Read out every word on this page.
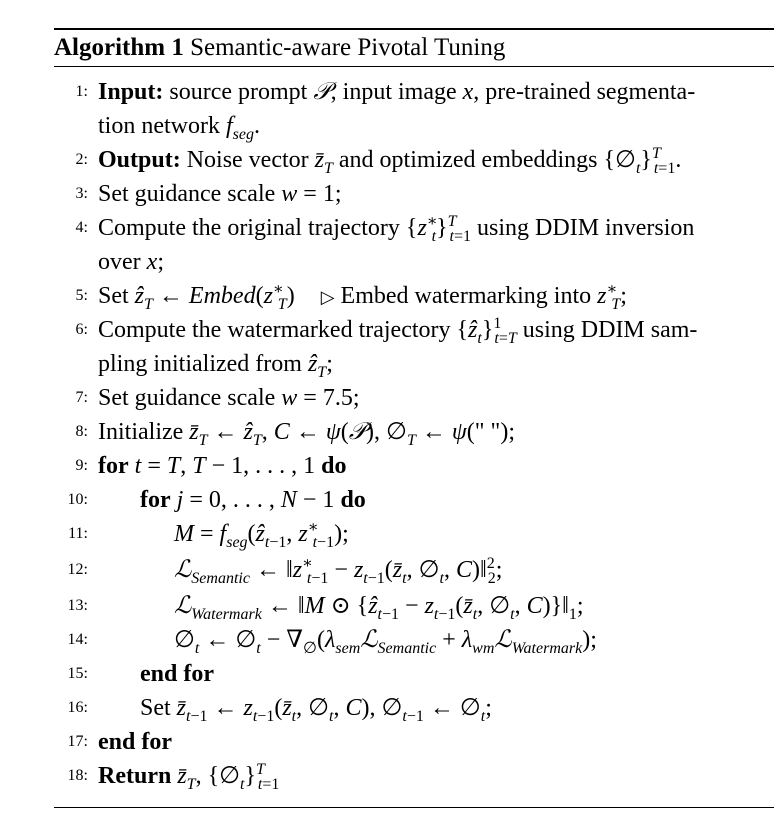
Algorithm 1 Semantic-aware Pivotal Tuning
1: Input: source prompt 𝒫, input image x, pre-trained segmenta-
tion network $f_{seg}$.
2: Output: Noise vector $z̄_T$ and optimized embeddings $\{\emptyset_t\}^T_{t=1}$.
3: Set guidance scale w = 1;
4: Compute the original trajectory $\{z^∗_t\}^T_{t=1}$ using DDIM inversion
over x;
5: Set ẑ$_T$ ← $Embed(z^∗_T)$ ▷ Embed watermarking into $z^∗_T$;
6: Compute the watermarked trajectory {ẑ$_t$}$^1_{t=T}$ using DDIM sam-
pling initialized from ẑ$_T$;
7: Set guidance scale w = 7.5;
8: Initialize $z̄_T$ ← ẑ$_T$, C ← ψ(𝒫), $\emptyset_T$ ← ψ(" ");
9: for t = T, T − 1, . . . , 1 do
10: for j = 0, . . . , N − 1 do
11:	$M = f_{seg}(ẑ_{t-1}$, $z^∗_{t-1}$);
12:	ℒ$_{Semantic}$ ← $‖z^∗_{t-1}$ − $z_{t-1}(z̄_t$, $\emptyset_t$, C)‖$^2_2$;
13:	ℒ$_{Watermark}$ ← ‖M ⊙ {ẑ$_{t-1}$ − $z_{t-1}(z̄_t$, $\emptyset_t$, $C)\}‖_1$;
14:	$\emptyset_t$ ← $\emptyset_t$ − $\nabla_\emptyset(\lambda_{sem}ℒ_{Semantic}$ + $\lambda_{wm}ℒ_{Watermark}$);
15: end for
16: Set $z̄_{t-1}$ ← $z_{t-1}(z̄_t$, $\emptyset_t$, C), $\emptyset_{t-1}$ ← $\emptyset_t$;
17: end for
18: Return $z̄_T$, $\{\emptyset_t\}^T_{t=1}$
